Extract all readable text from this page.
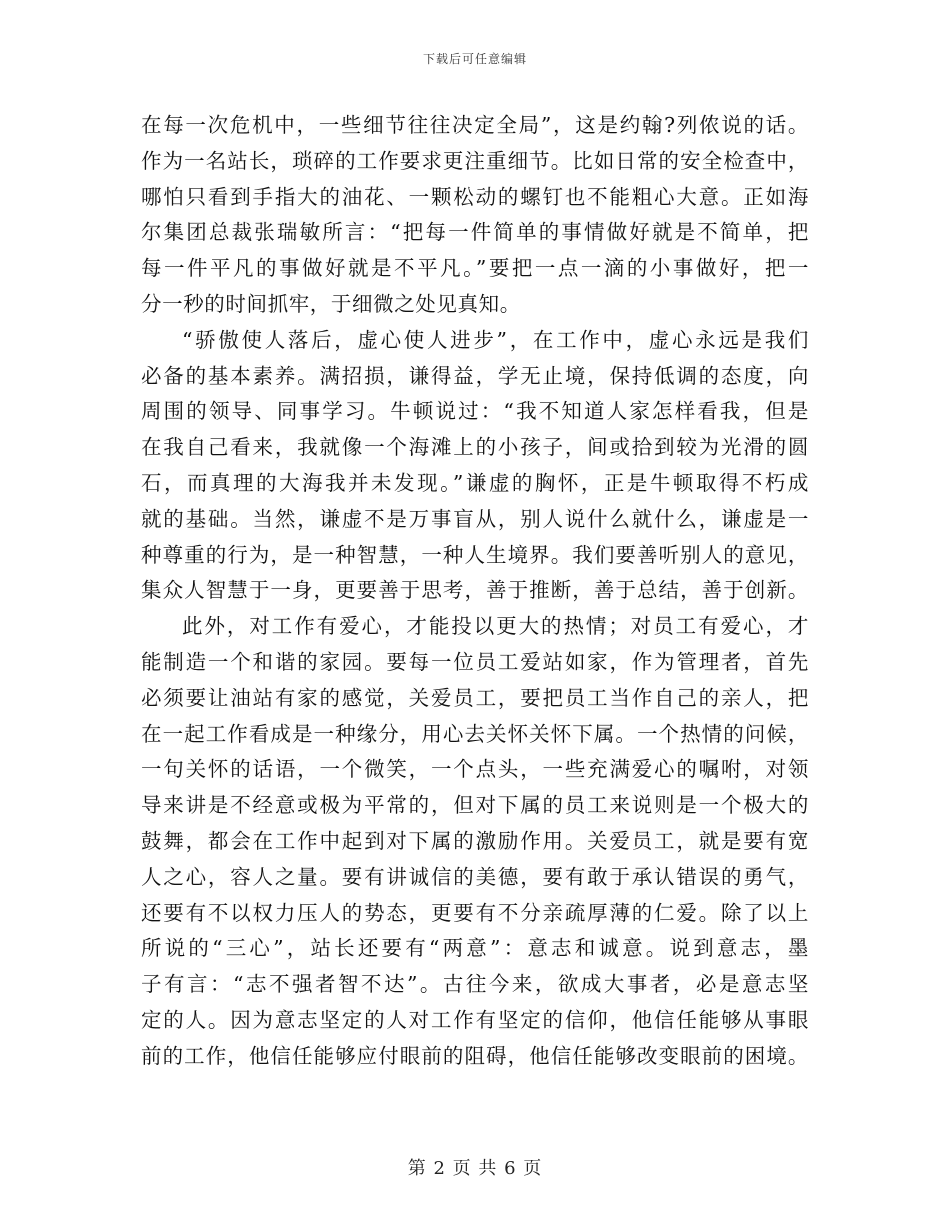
下载后可任意编辑
在每一次危机中，一些细节往往决定全局”，这是约翰?列侬说的话。
作为一名站长，琐碎的工作要求更注重细节。比如日常的安全检查中，
哪怕只看到手指大的油花、一颗松动的螺钉也不能粗心大意。正如海
尔集团总裁张瑞敏所言：“把每一件简单的事情做好就是不简单，把
每一件平凡的事做好就是不平凡。”要把一点一滴的小事做好，把一
分一秒的时间抓牢，于细微之处见真知。
“骄傲使人落后，虚心使人进步”，在工作中，虚心永远是我们
必备的基本素养。满招损，谦得益，学无止境，保持低调的态度，向
周围的领导、同事学习。牛顿说过：“我不知道人家怎样看我，但是
在我自己看来，我就像一个海滩上的小孩子，间或拾到较为光滑的圆
石，而真理的大海我并未发现。”谦虚的胸怀，正是牛顿取得不朽成
就的基础。当然，谦虚不是万事盲从，别人说什么就什么，谦虚是一
种尊重的行为，是一种智慧，一种人生境界。我们要善听别人的意见，
集众人智慧于一身，更要善于思考，善于推断，善于总结，善于创新。
此外，对工作有爱心，才能投以更大的热情；对员工有爱心，才
能制造一个和谐的家园。要每一位员工爱站如家，作为管理者，首先
必须要让油站有家的感觉，关爱员工，要把员工当作自己的亲人，把
在一起工作看成是一种缘分，用心去关怀关怀下属。一个热情的问候，
一句关怀的话语，一个微笑，一个点头，一些充满爱心的嘱咐，对领
导来讲是不经意或极为平常的，但对下属的员工来说则是一个极大的
鼓舞，都会在工作中起到对下属的激励作用。关爱员工，就是要有宽
人之心，容人之量。要有讲诚信的美德，要有敢于承认错误的勇气，
还要有不以权力压人的势态，更要有不分亲疏厚薄的仁爱。除了以上
所说的“三心”，站长还要有“两意”：意志和诚意。说到意志，墨
子有言：“志不强者智不达”。古往今来，欲成大事者，必是意志坚
定的人。因为意志坚定的人对工作有坚定的信仰，他信任能够从事眼
前的工作，他信任能够应付眼前的阻碍，他信任能够改变眼前的困境。
第 2 页 共 6 页
